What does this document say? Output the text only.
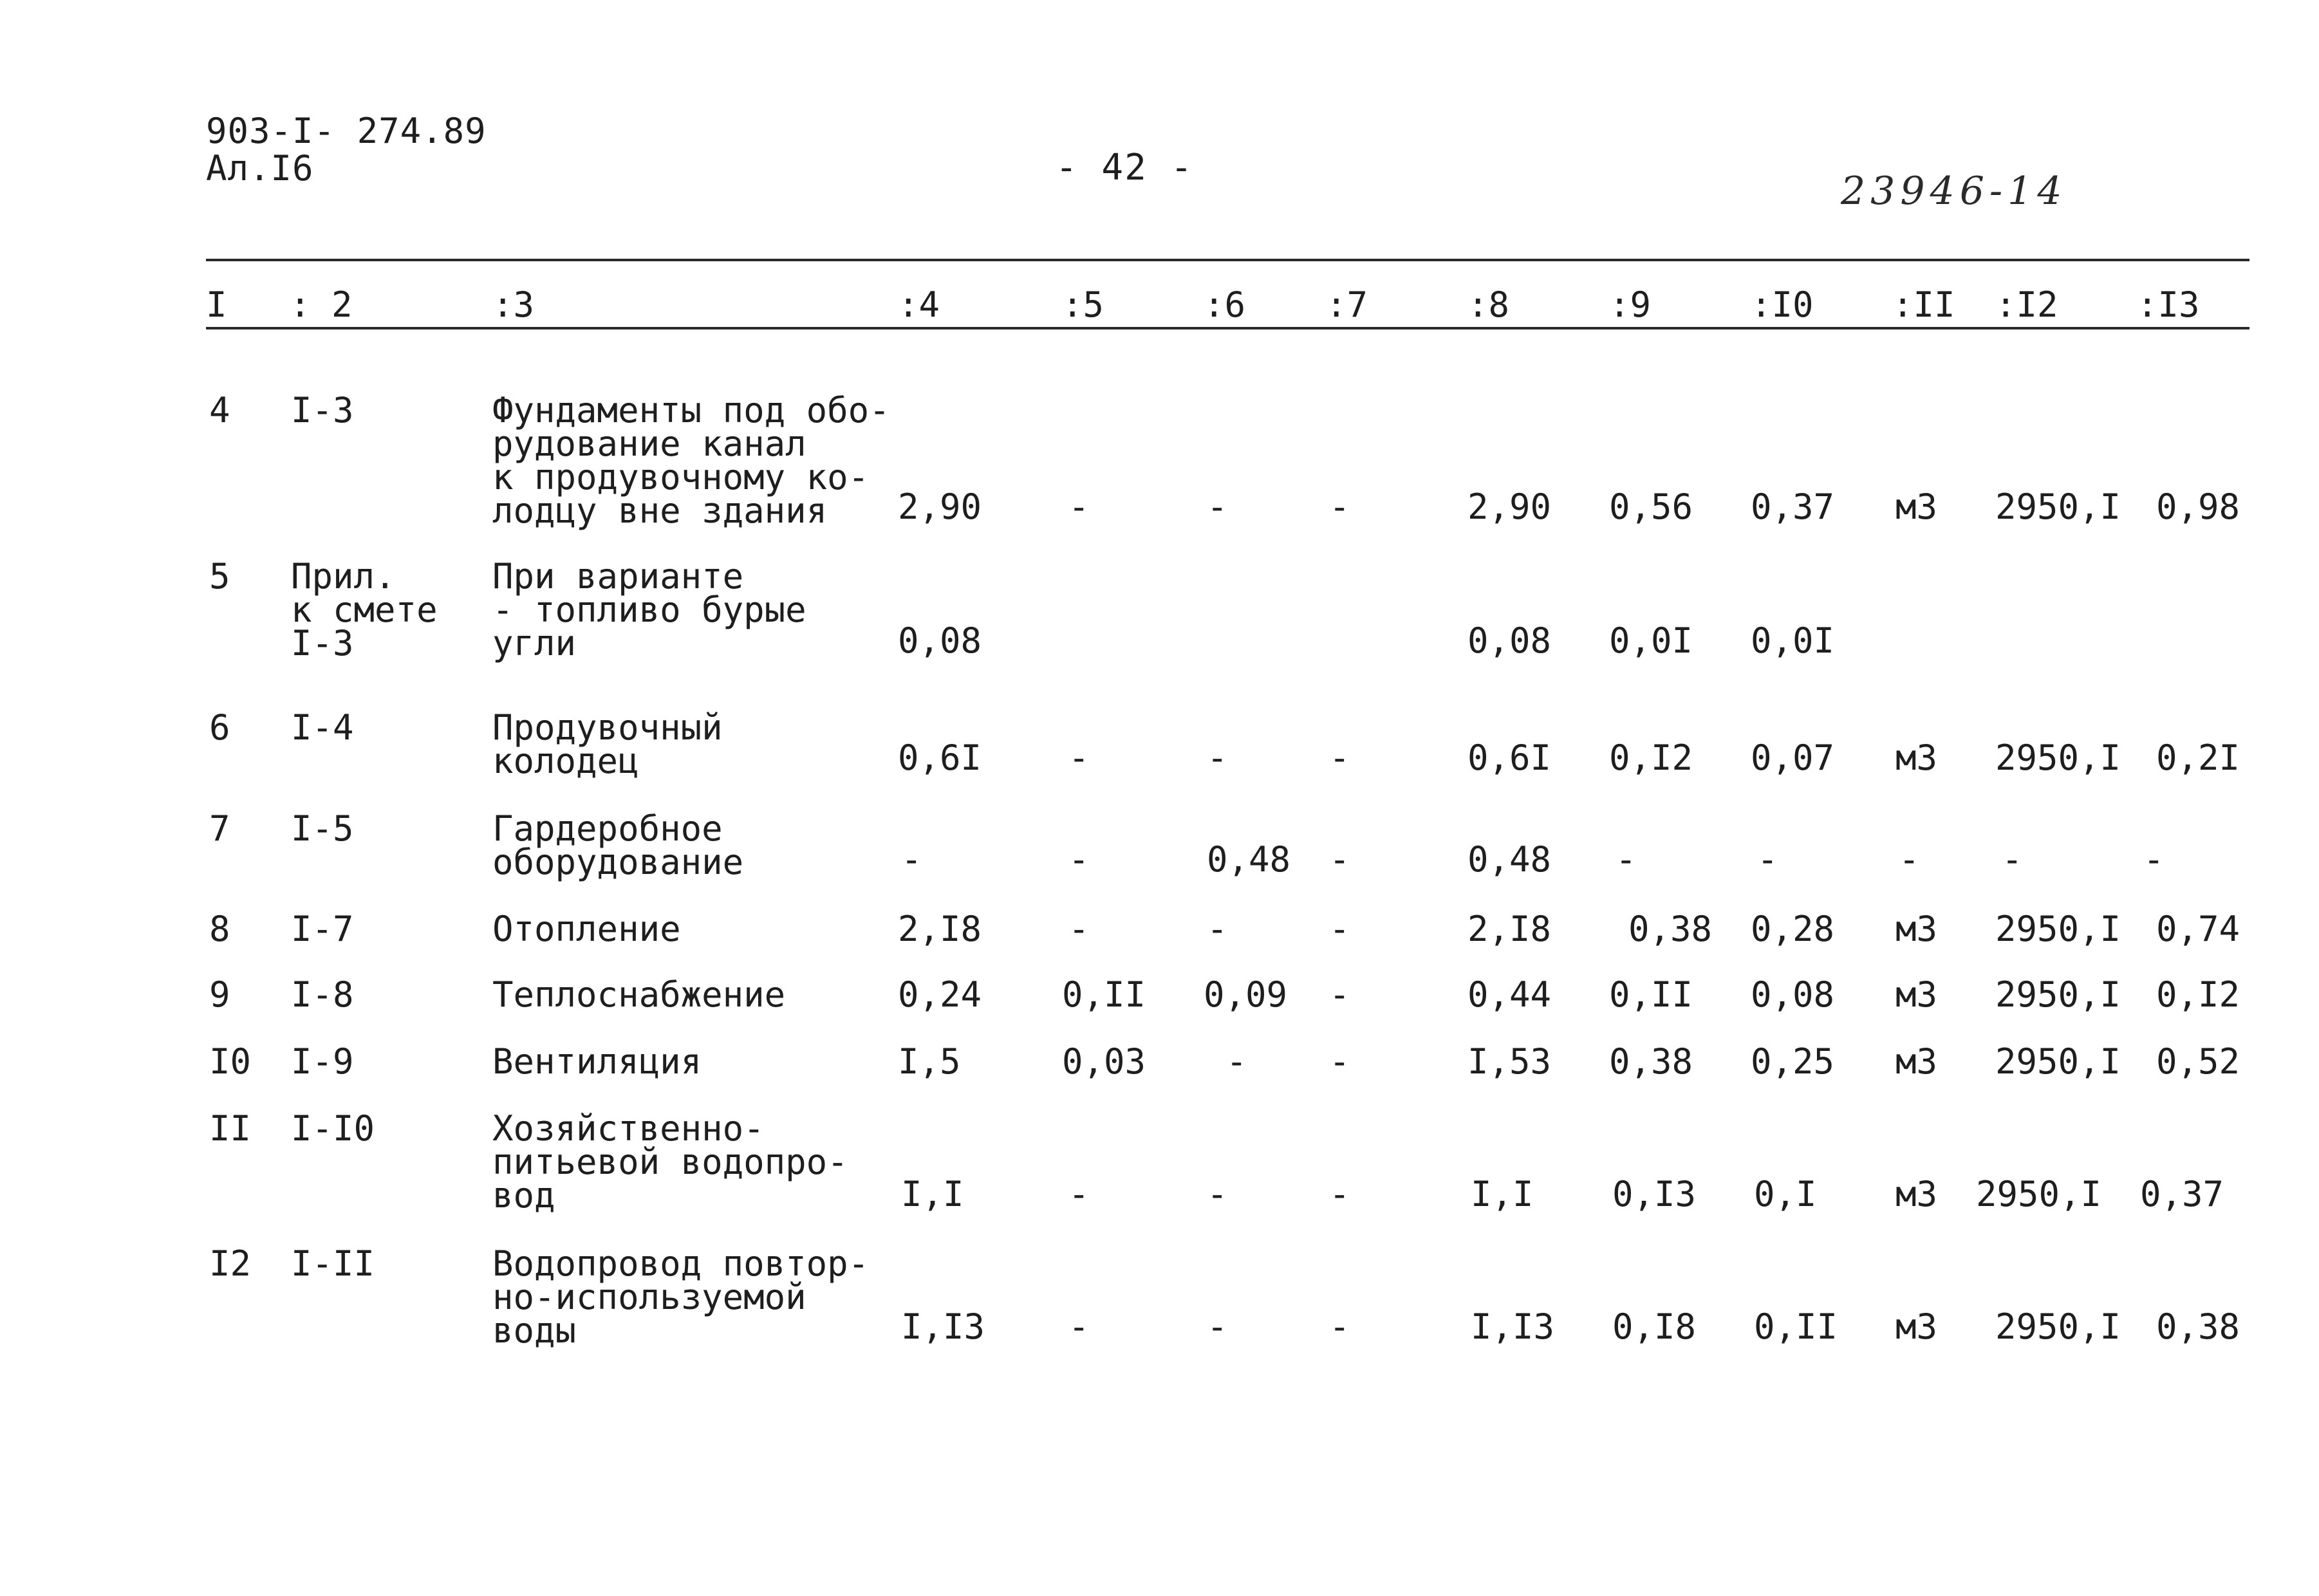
903-I- 274.89
Ал.I6	- 42 -
23946-14
I : 2	:3	:4	:5	:6 :7	:8	:9	:I0 :II :I2 :I3
4 I-3	Фундаменты под обо-
рудование канал
к продувочному ко-
лодцу вне здания	2,90 -	-	-	2,90 0,56 0,37 м3 2950,I 0,98
5 Прил.
к смете
I-3
При варианте
- топливо бурые
угли	0,08	0,08 0,0I 0,0I
6 I-4	Продувочный
колодец	0,6I -	-	-	0,6I 0,I2 0,07 м3 2950,I 0,2I
7 I-5	Гардеробное
оборудование	-	-	0,48 -	0,48 -	-	- -	-
8 I-7	Отопление	2,I8 -	-	-	2,I8 0,38 0,28 м3 2950,I 0,74
9 I-8	Теплоснабжение	0,24 0,II 0,09 -	0,44 0,II 0,08 м3 2950,I 0,I2
I0 I-9	Вентиляция	I,5	0,03 - -	I,53 0,38 0,25 м3 2950,I 0,52
II I-I0	Хозяйственно-
питьевой водопро-
вод	I,I	-	-	-	I,I 0,I3 0,I м3 2950,I 0,37
I2 I-II	Водопровод повтор-
но-используемой
воды	I,I3 -	-	-	I,I3 0,I8 0,II м3 2950,I 0,38
